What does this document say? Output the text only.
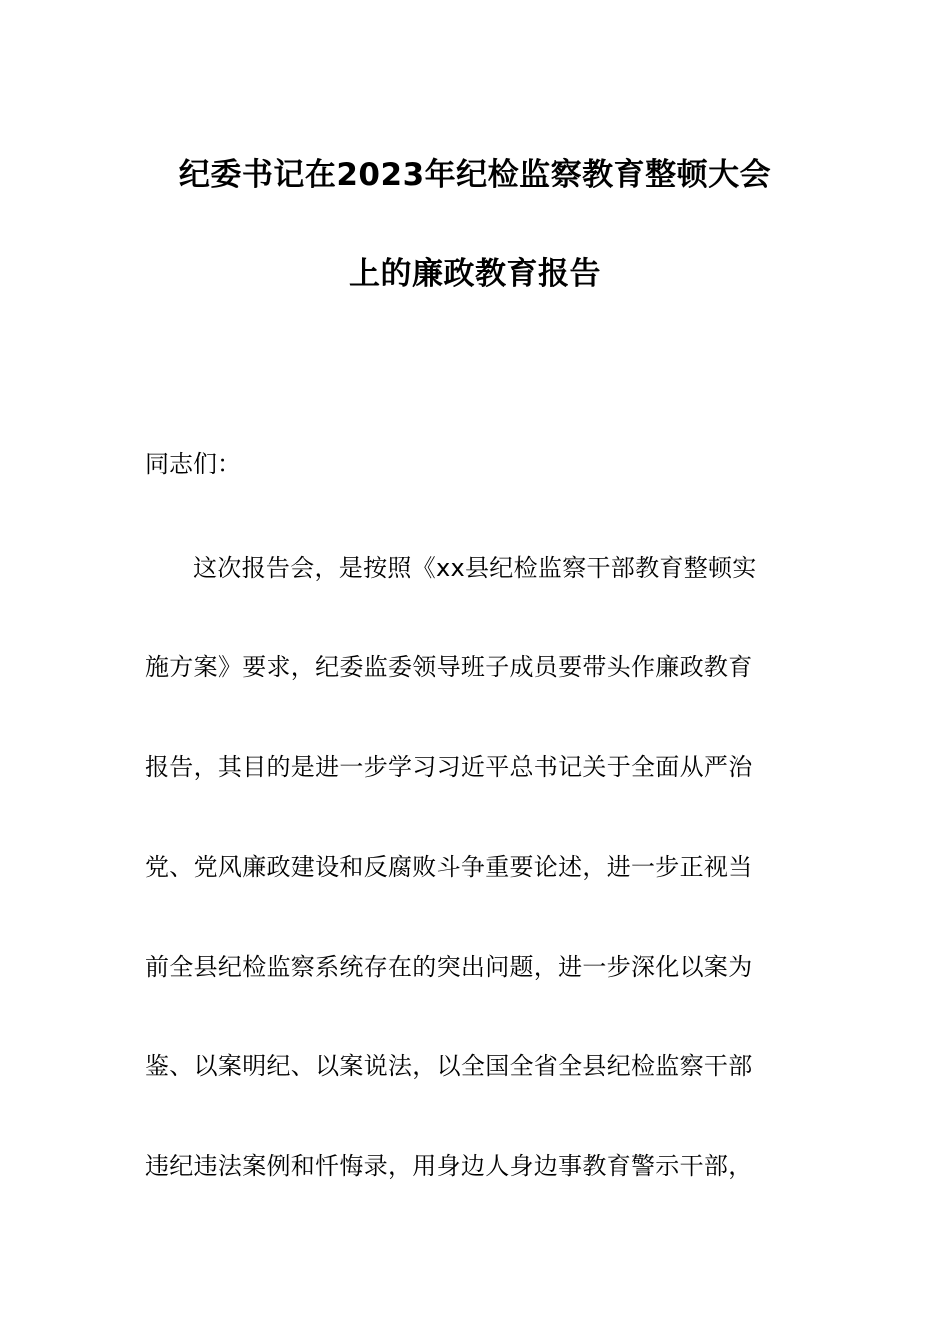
纪委书记在2023年纪检监察教育整顿大会
上的廉政教育报告
同志们：
这次报告会，是按照《xx县纪检监察干部教育整顿实
施方案》要求，纪委监委领导班子成员要带头作廉政教育
报告，其目的是进一步学习习近平总书记关于全面从严治
党、党风廉政建设和反腐败斗争重要论述，进一步正视当
前全县纪检监察系统存在的突出问题，进一步深化以案为
鉴、以案明纪、以案说法，以全国全省全县纪检监察干部
违纪违法案例和忏悔录，用身边人身边事教育警示干部，
